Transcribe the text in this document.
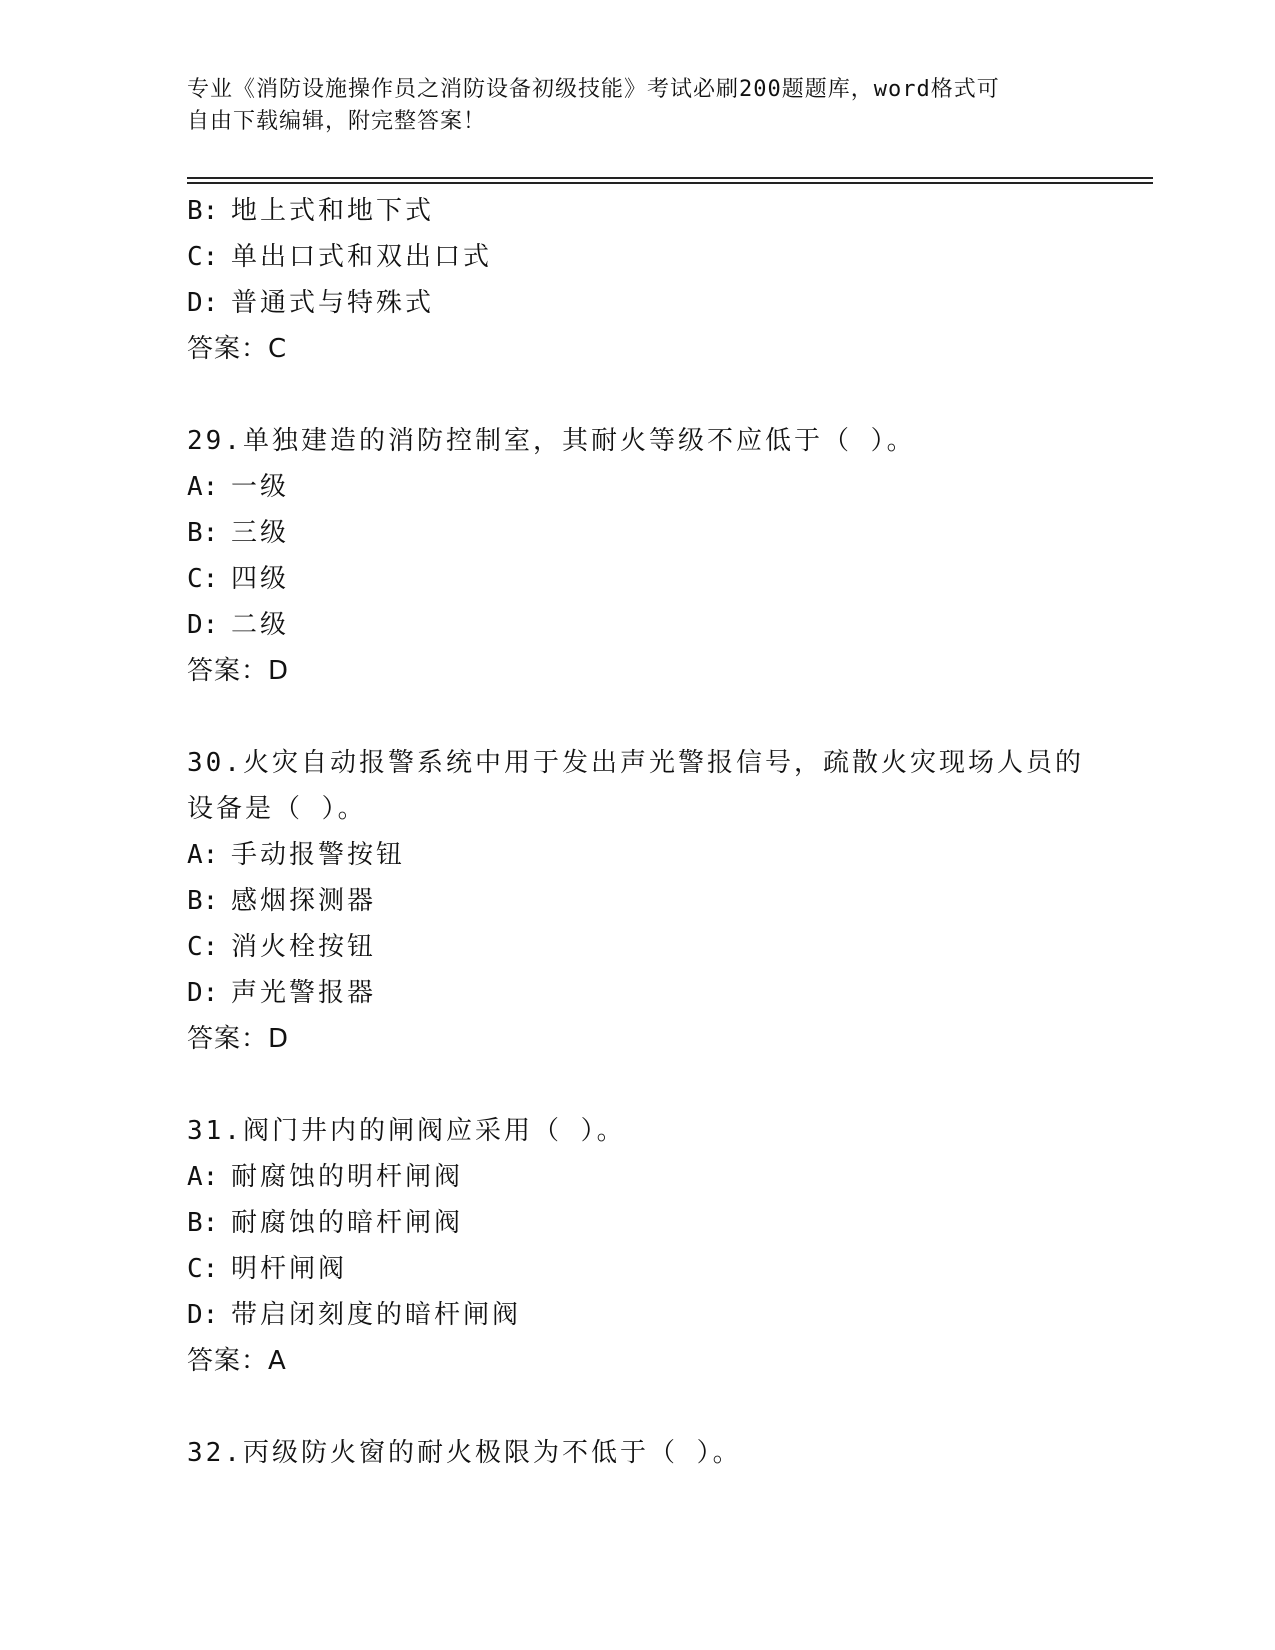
专业《消防设施操作员之消防设备初级技能》考试必刷200题题库，word格式可
自由下载编辑，附完整答案！
B: 地上式和地下式
C: 单出口式和双出口式
D: 普通式与特殊式
答案：C
29.单独建造的消防控制室，其耐火等级不应低于（ ）。
A: 一级
B: 三级
C: 四级
D: 二级
答案：D
30.火灾自动报警系统中用于发出声光警报信号，疏散火灾现场人员的
设备是（ ）。
A: 手动报警按钮
B: 感烟探测器
C: 消火栓按钮
D: 声光警报器
答案：D
31.阀门井内的闸阀应采用（ ）。
A: 耐腐蚀的明杆闸阀
B: 耐腐蚀的暗杆闸阀
C: 明杆闸阀
D: 带启闭刻度的暗杆闸阀
答案：A
32.丙级防火窗的耐火极限为不低于（ ）。
